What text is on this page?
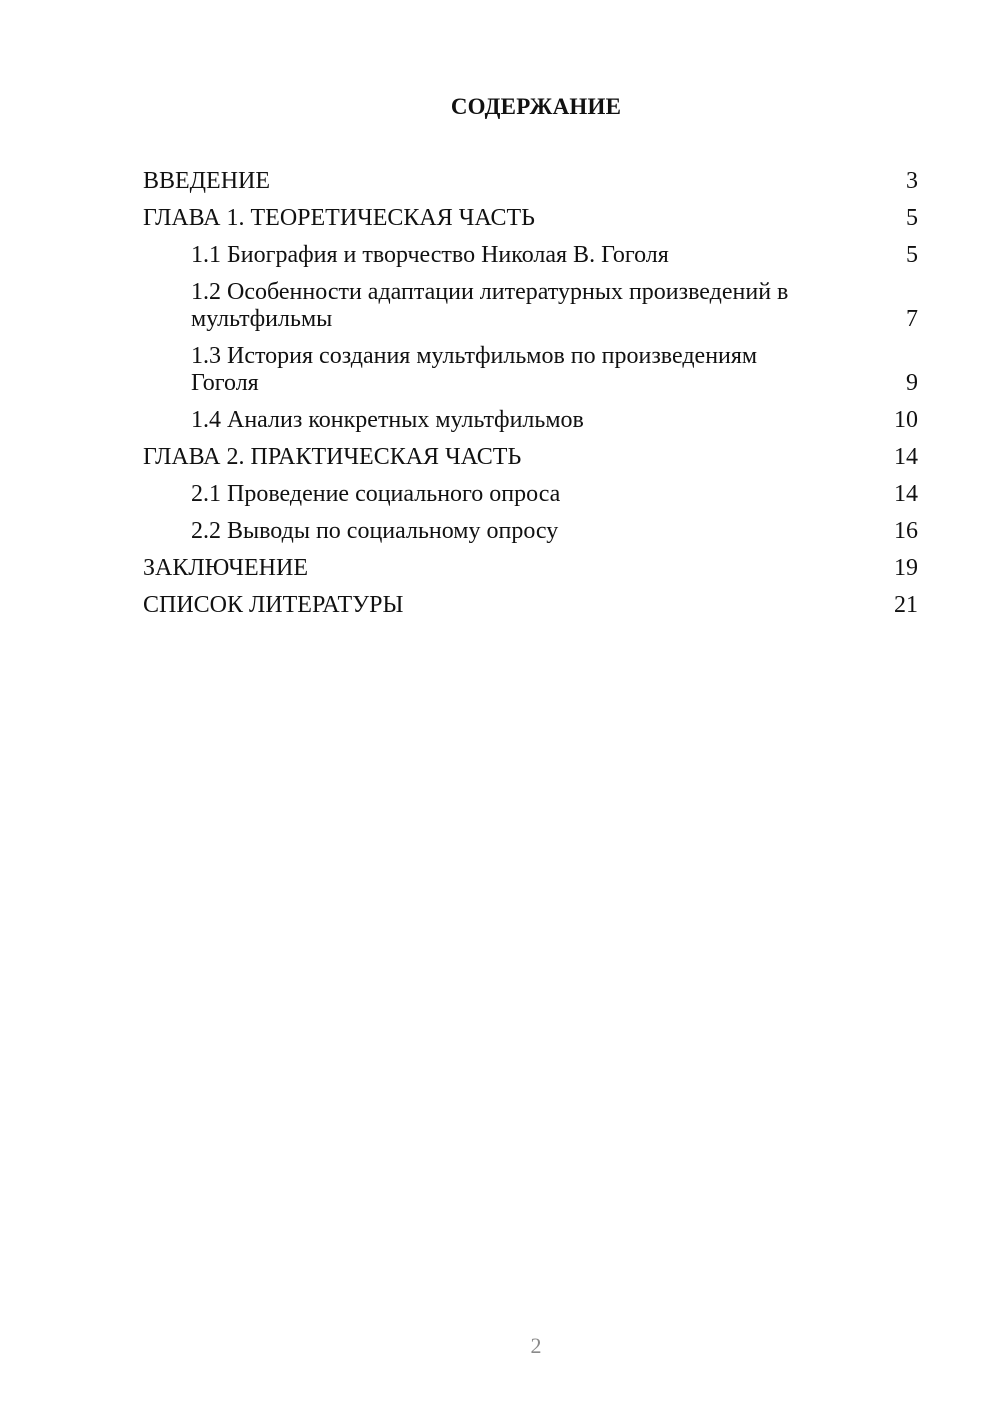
СОДЕРЖАНИЕ
ВВЕДЕНИЕ	3
ГЛАВА 1. ТЕОРЕТИЧЕСКАЯ ЧАСТЬ	5
1.1 Биография и творчество Николая В. Гоголя	5
1.2 Особенности адаптации литературных произведений в мультфильмы	7
1.3 История создания мультфильмов по произведениям Гоголя	9
1.4 Анализ конкретных мультфильмов	10
ГЛАВА 2. ПРАКТИЧЕСКАЯ ЧАСТЬ	14
2.1 Проведение социального опроса	14
2.2 Выводы по социальному опросу	16
ЗАКЛЮЧЕНИЕ	19
СПИСОК ЛИТЕРАТУРЫ	21
2
